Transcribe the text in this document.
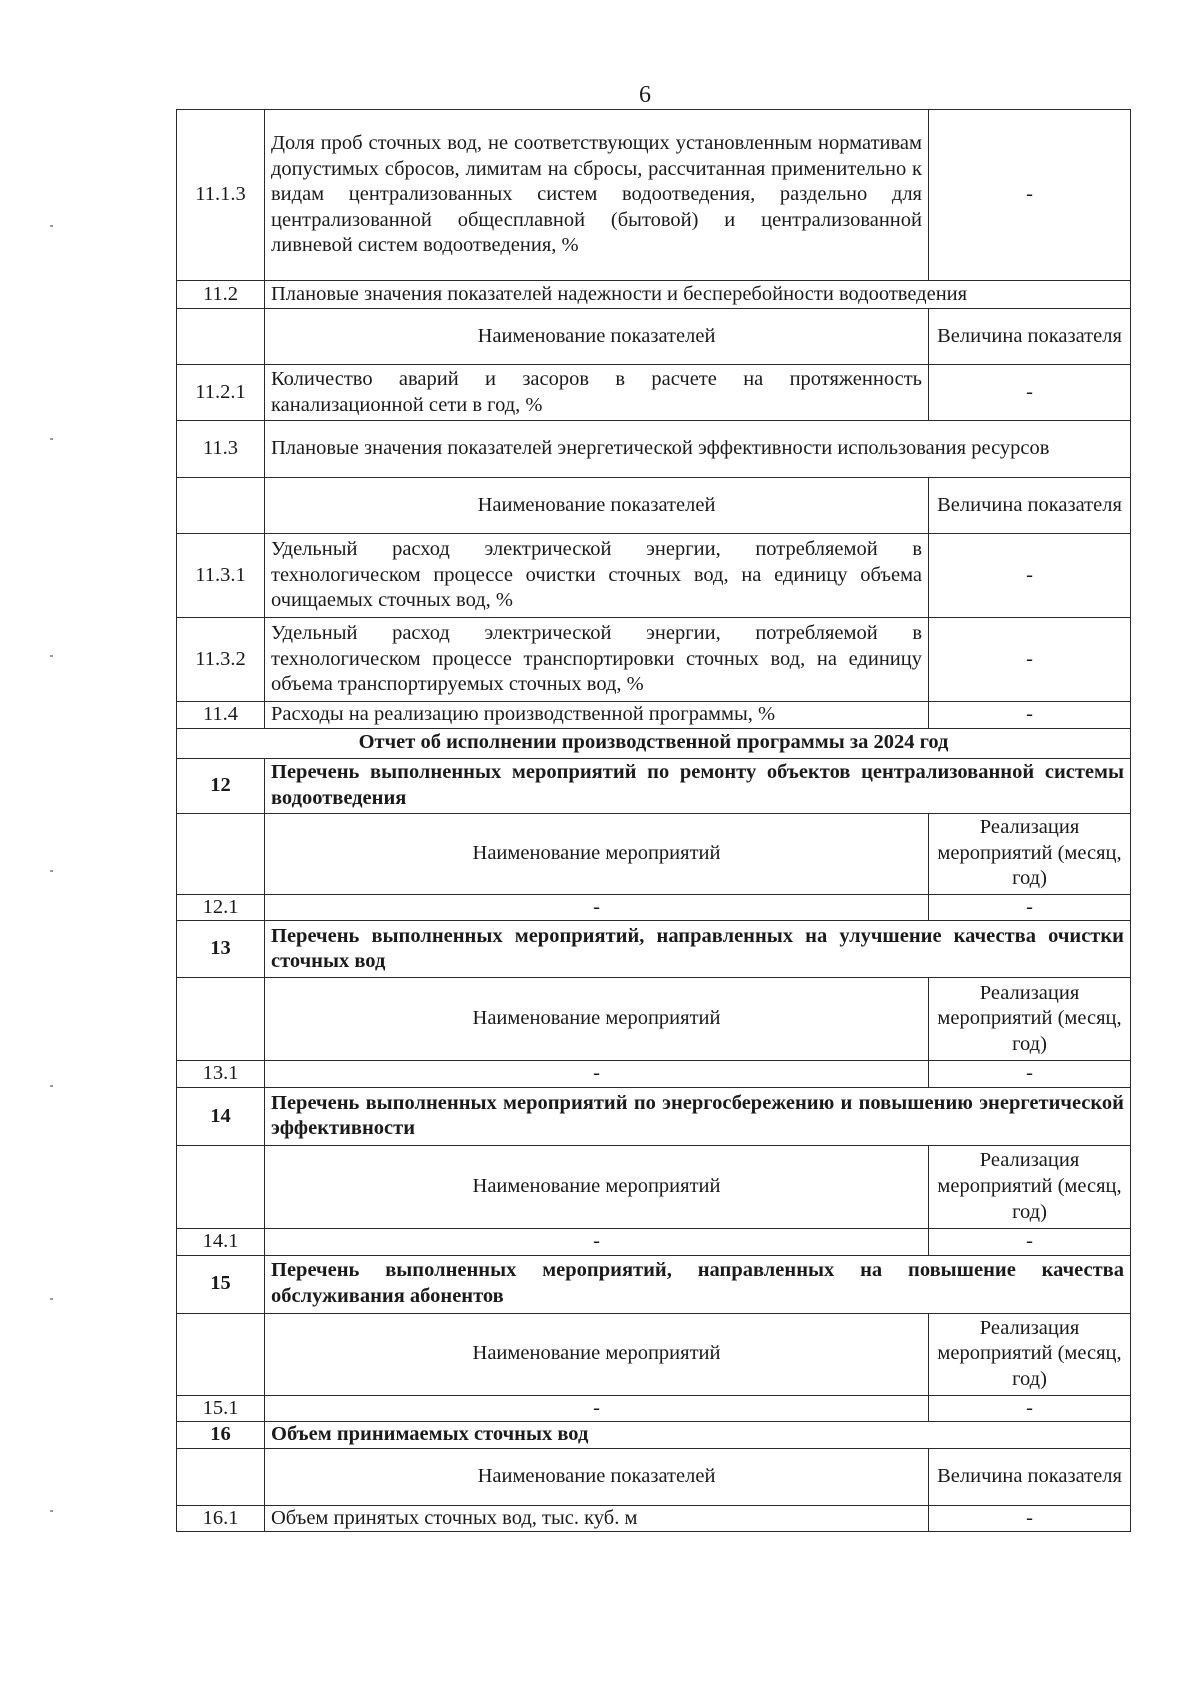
6
11.1.3	Доля проб сточных вод, не соответствующих установленным нормативам допустимых сбросов, лимитам на сбросы, рассчитанная применительно к видам централизованных систем водоотведения, раздельно для централизованной общесплавной (бытовой) и централизованной ливневой систем водоотведения, %	-
11.2	Плановые значения показателей надежности и бесперебойности водоотведения	
	Наименование показателей	Величина показателя
11.2.1	Количество аварий и засоров в расчете на протяженность канализационной сети в год, %	-
11.3	Плановые значения показателей энергетической эффективности использования ресурсов	
	Наименование показателей	Величина показателя
11.3.1	Удельный расход электрической энергии, потребляемой в технологическом процессе очистки сточных вод, на единицу объема очищаемых сточных вод, %	-
11.3.2	Удельный расход электрической энергии, потребляемой в технологическом процессе транспортировки сточных вод, на единицу объема транспортируемых сточных вод, %	-
11.4	Расходы на реализацию производственной программы, %	-
Отчет об исполнении производственной программы за 2024 год		
12	Перечень выполненных мероприятий по ремонту объектов централизованной системы водоотведения	
	Наименование мероприятий	Реализация мероприятий (месяц, год)
12.1	-	-
13	Перечень выполненных мероприятий, направленных на улучшение качества очистки сточных вод	
	Наименование мероприятий	Реализация мероприятий (месяц, год)
13.1	-	-
14	Перечень выполненных мероприятий по энергосбережению и повышению энергетической эффективности	
	Наименование мероприятий	Реализация мероприятий (месяц, год)
14.1	-	-
15	Перечень выполненных мероприятий, направленных на повышение качества обслуживания абонентов	
	Наименование мероприятий	Реализация мероприятий (месяц, год)
15.1	-	-
16	Объем принимаемых сточных вод	
	Наименование показателей	Величина показателя
16.1	Объем принятых сточных вод, тыс. куб. м	-
